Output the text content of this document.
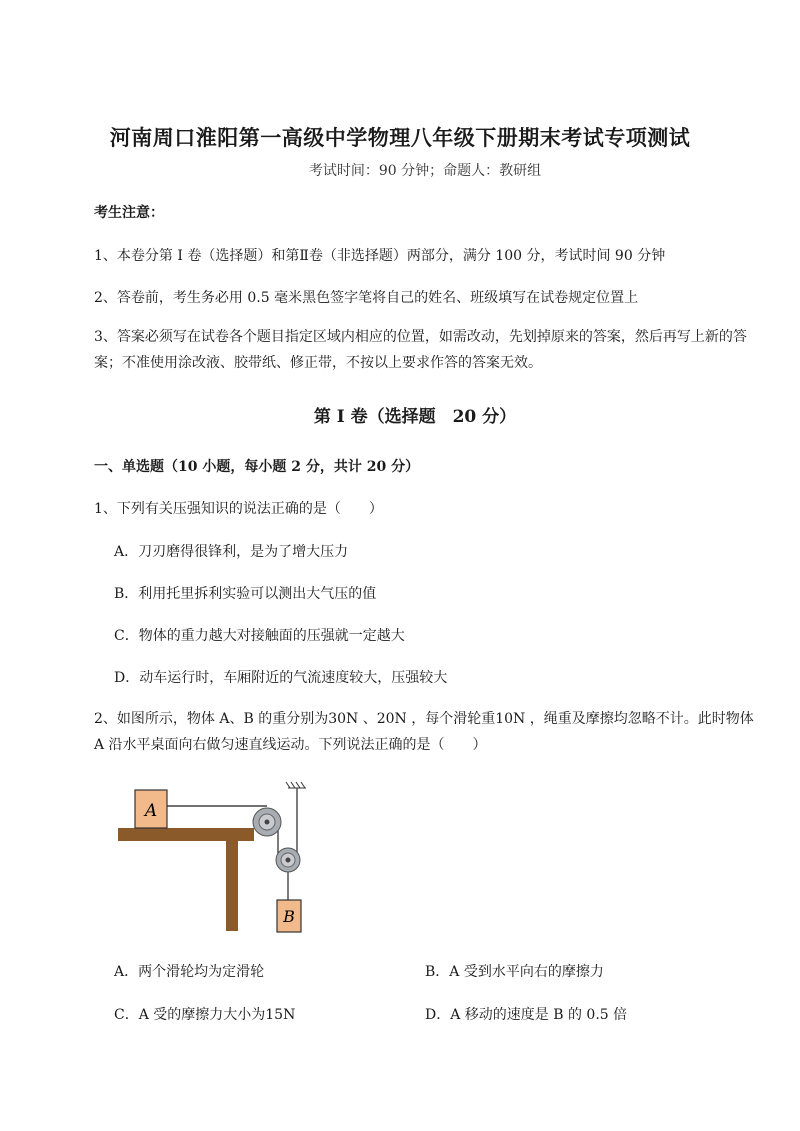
河南周口淮阳第一高级中学物理八年级下册期末考试专项测试
考试时间：90 分钟；命题人：教研组
考生注意：
1、本卷分第 I 卷（选择题）和第Ⅱ卷（非选择题）两部分，满分 100 分，考试时间 90 分钟
2、答卷前，考生务必用 0.5 毫米黑色签字笔将自己的姓名、班级填写在试卷规定位置上
3、答案必须写在试卷各个题目指定区域内相应的位置，如需改动，先划掉原来的答案，然后再写上新的答案；不准使用涂改液、胶带纸、修正带，不按以上要求作答的答案无效。
第 I 卷（选择题　20 分）
一、单选题（10 小题，每小题 2 分，共计 20 分）
1、下列有关压强知识的说法正确的是（　　）
A．刀刃磨得很锋利，是为了增大压力
B．利用托里拆利实验可以测出大气压的值
C．物体的重力越大对接触面的压强就一定越大
D．动车运行时，车厢附近的气流速度较大，压强较大
2、如图所示，物体 A、B 的重分别为30N 、20N ，每个滑轮重10N ，绳重及摩擦均忽略不计。此时物体 A 沿水平桌面向右做匀速直线运动。下列说法正确的是（　　）
A
B
A．两个滑轮均为定滑轮	B．A 受到水平向右的摩擦力
C．A 受的摩擦力大小为15N	D．A 移动的速度是 B 的 0.5 倍
